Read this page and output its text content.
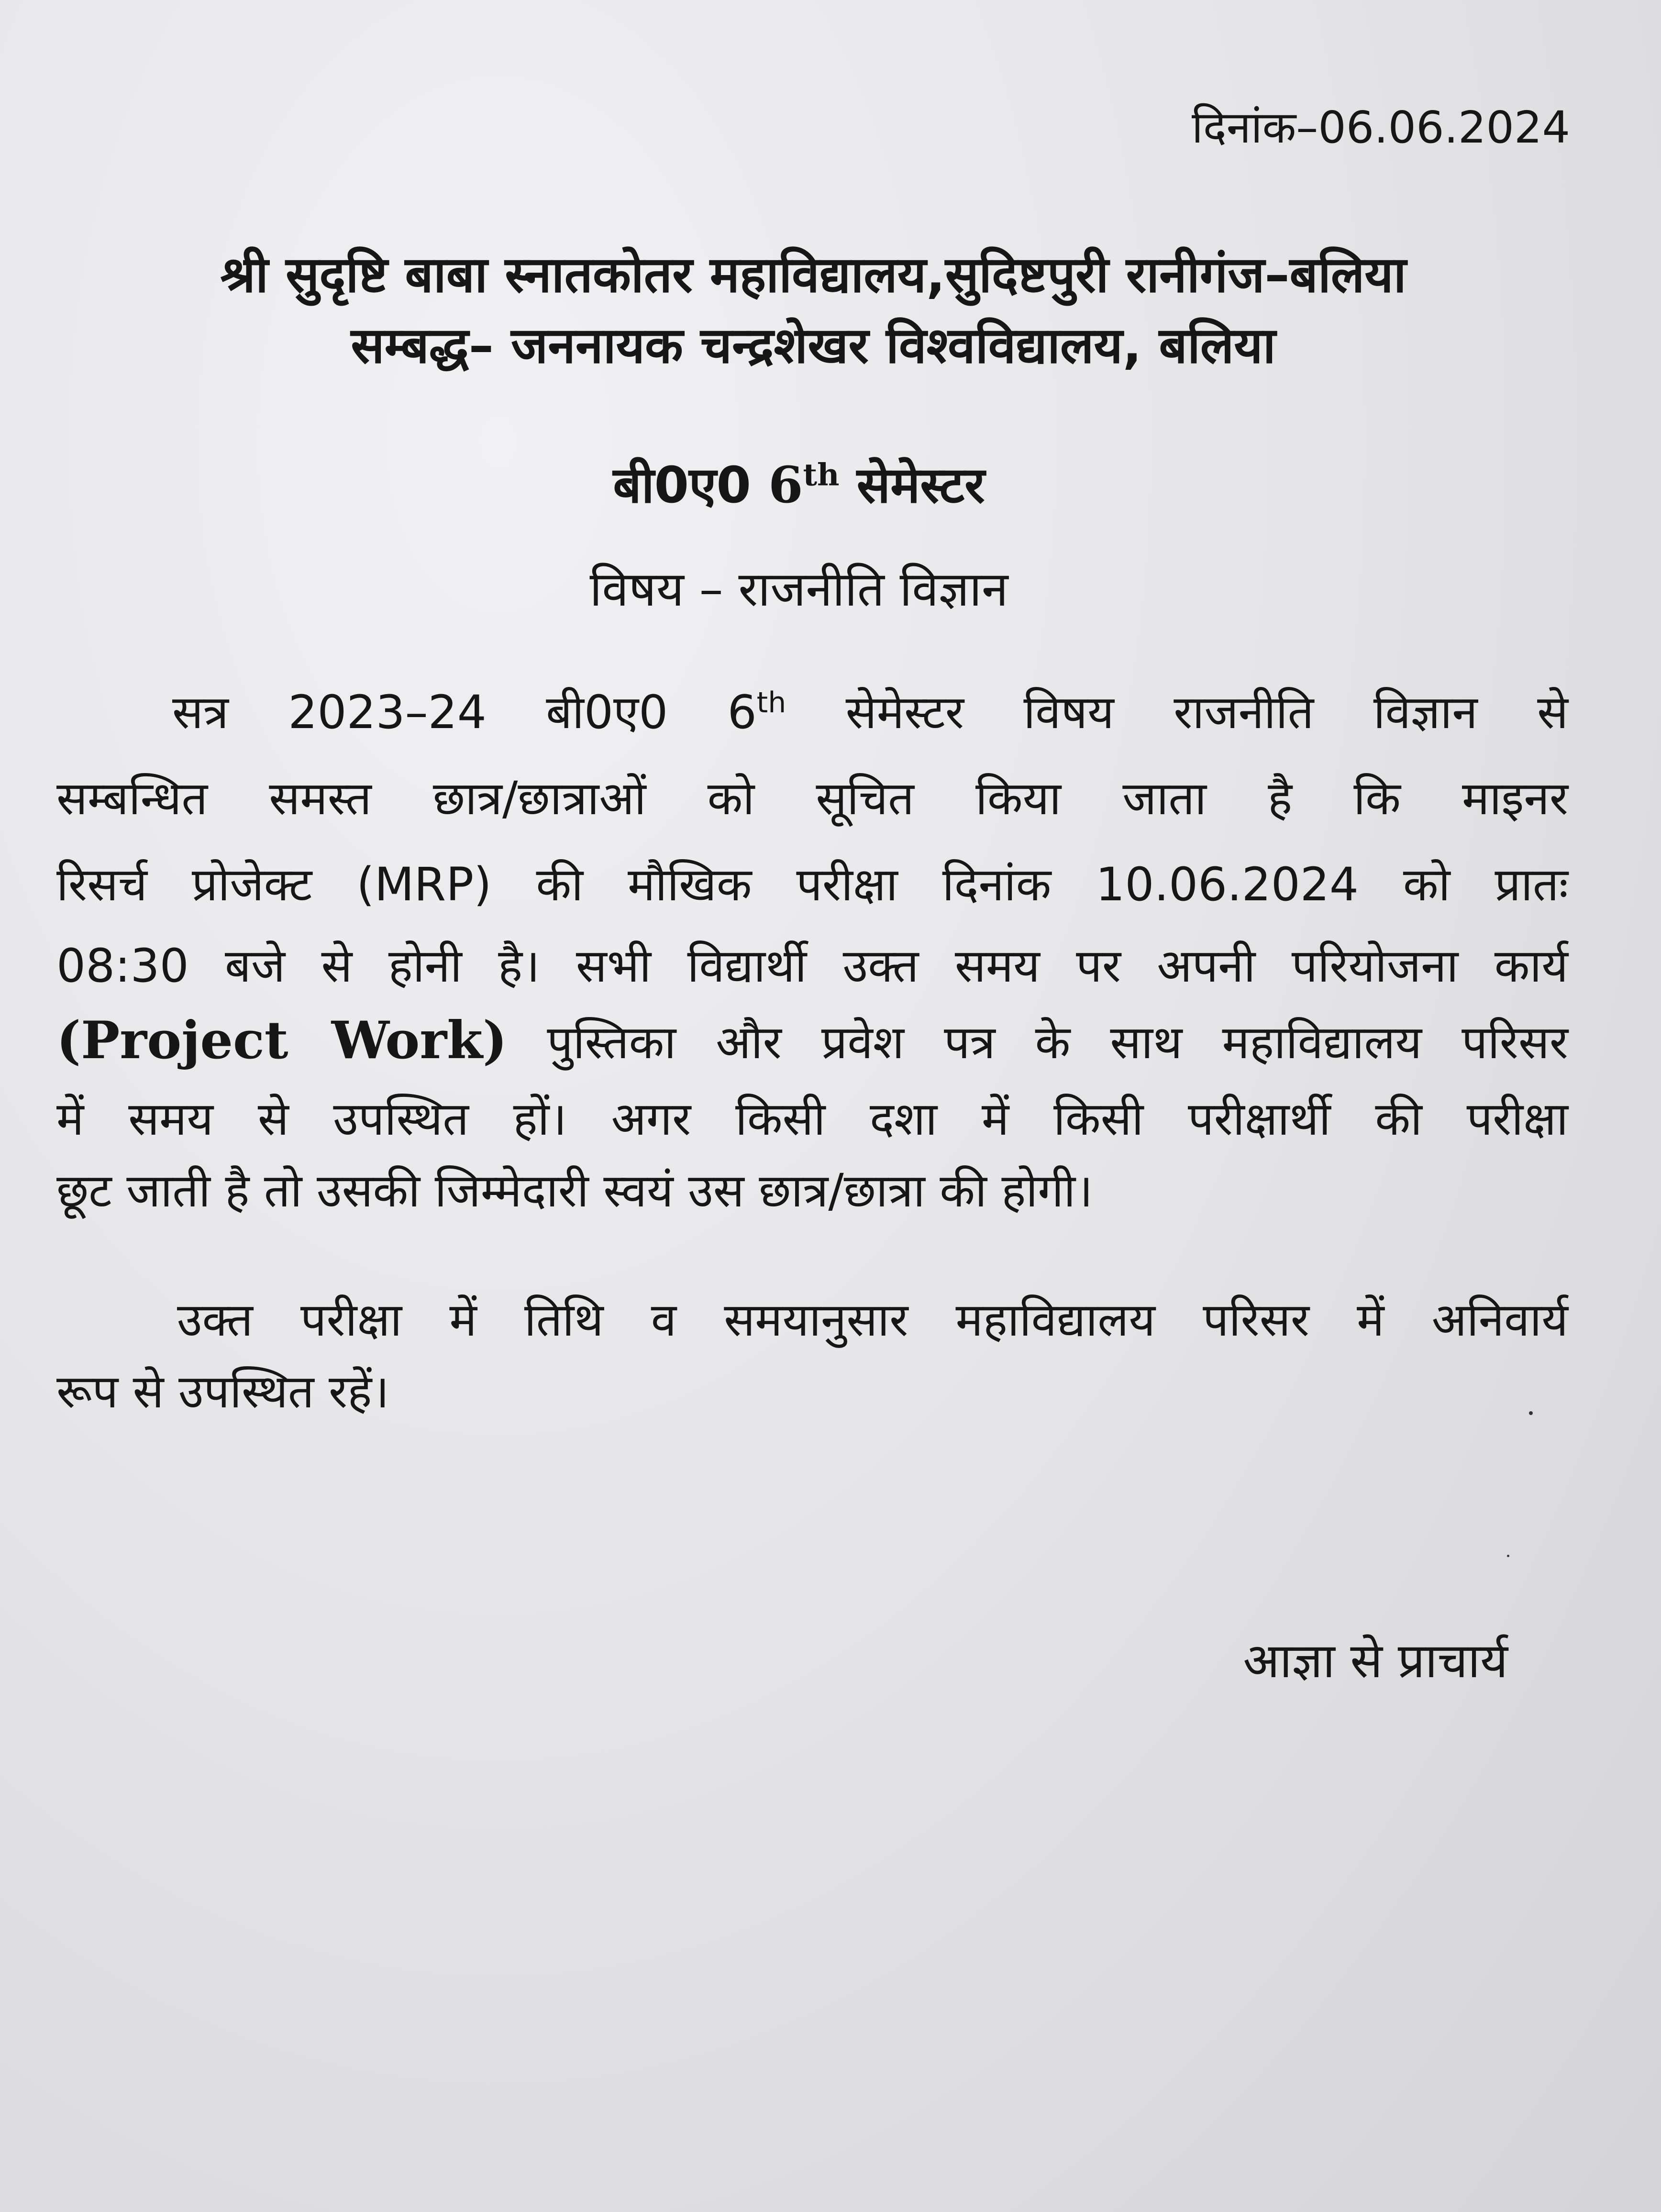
दिनांक–06.06.2024
श्री सुदृष्टि बाबा स्नातकोतर महाविद्यालय,सुदिष्टपुरी रानीगंज–बलिया
सम्बद्ध– जननायक चन्द्रशेखर विश्वविद्यालय, बलिया
बी0ए0 6th सेमेस्टर
विषय – राजनीति विज्ञान
सत्र 2023–24 बी0ए0 6th सेमेस्टर विषय राजनीति विज्ञान से
सम्बन्धित समस्त छात्र/छात्राओं को सूचित किया जाता है कि माइनर
रिसर्च प्रोजेक्ट (MRP) की मौखिक परीक्षा दिनांक 10.06.2024 को प्रातः
08:30 बजे से होनी है। सभी विद्यार्थी उक्त समय पर अपनी परियोजना कार्य
(Project Work) पुस्तिका और प्रवेश पत्र के साथ महाविद्यालय परिसर
में समय से उपस्थित हों। अगर किसी दशा में किसी परीक्षार्थी की परीक्षा
छूट जाती है तो उसकी जिम्मेदारी स्वयं उस छात्र/छात्रा की होगी।
उक्त परीक्षा में तिथि व समयानुसार महाविद्यालय परिसर में अनिवार्य
रूप से उपस्थित रहें।
आज्ञा से प्राचार्य
